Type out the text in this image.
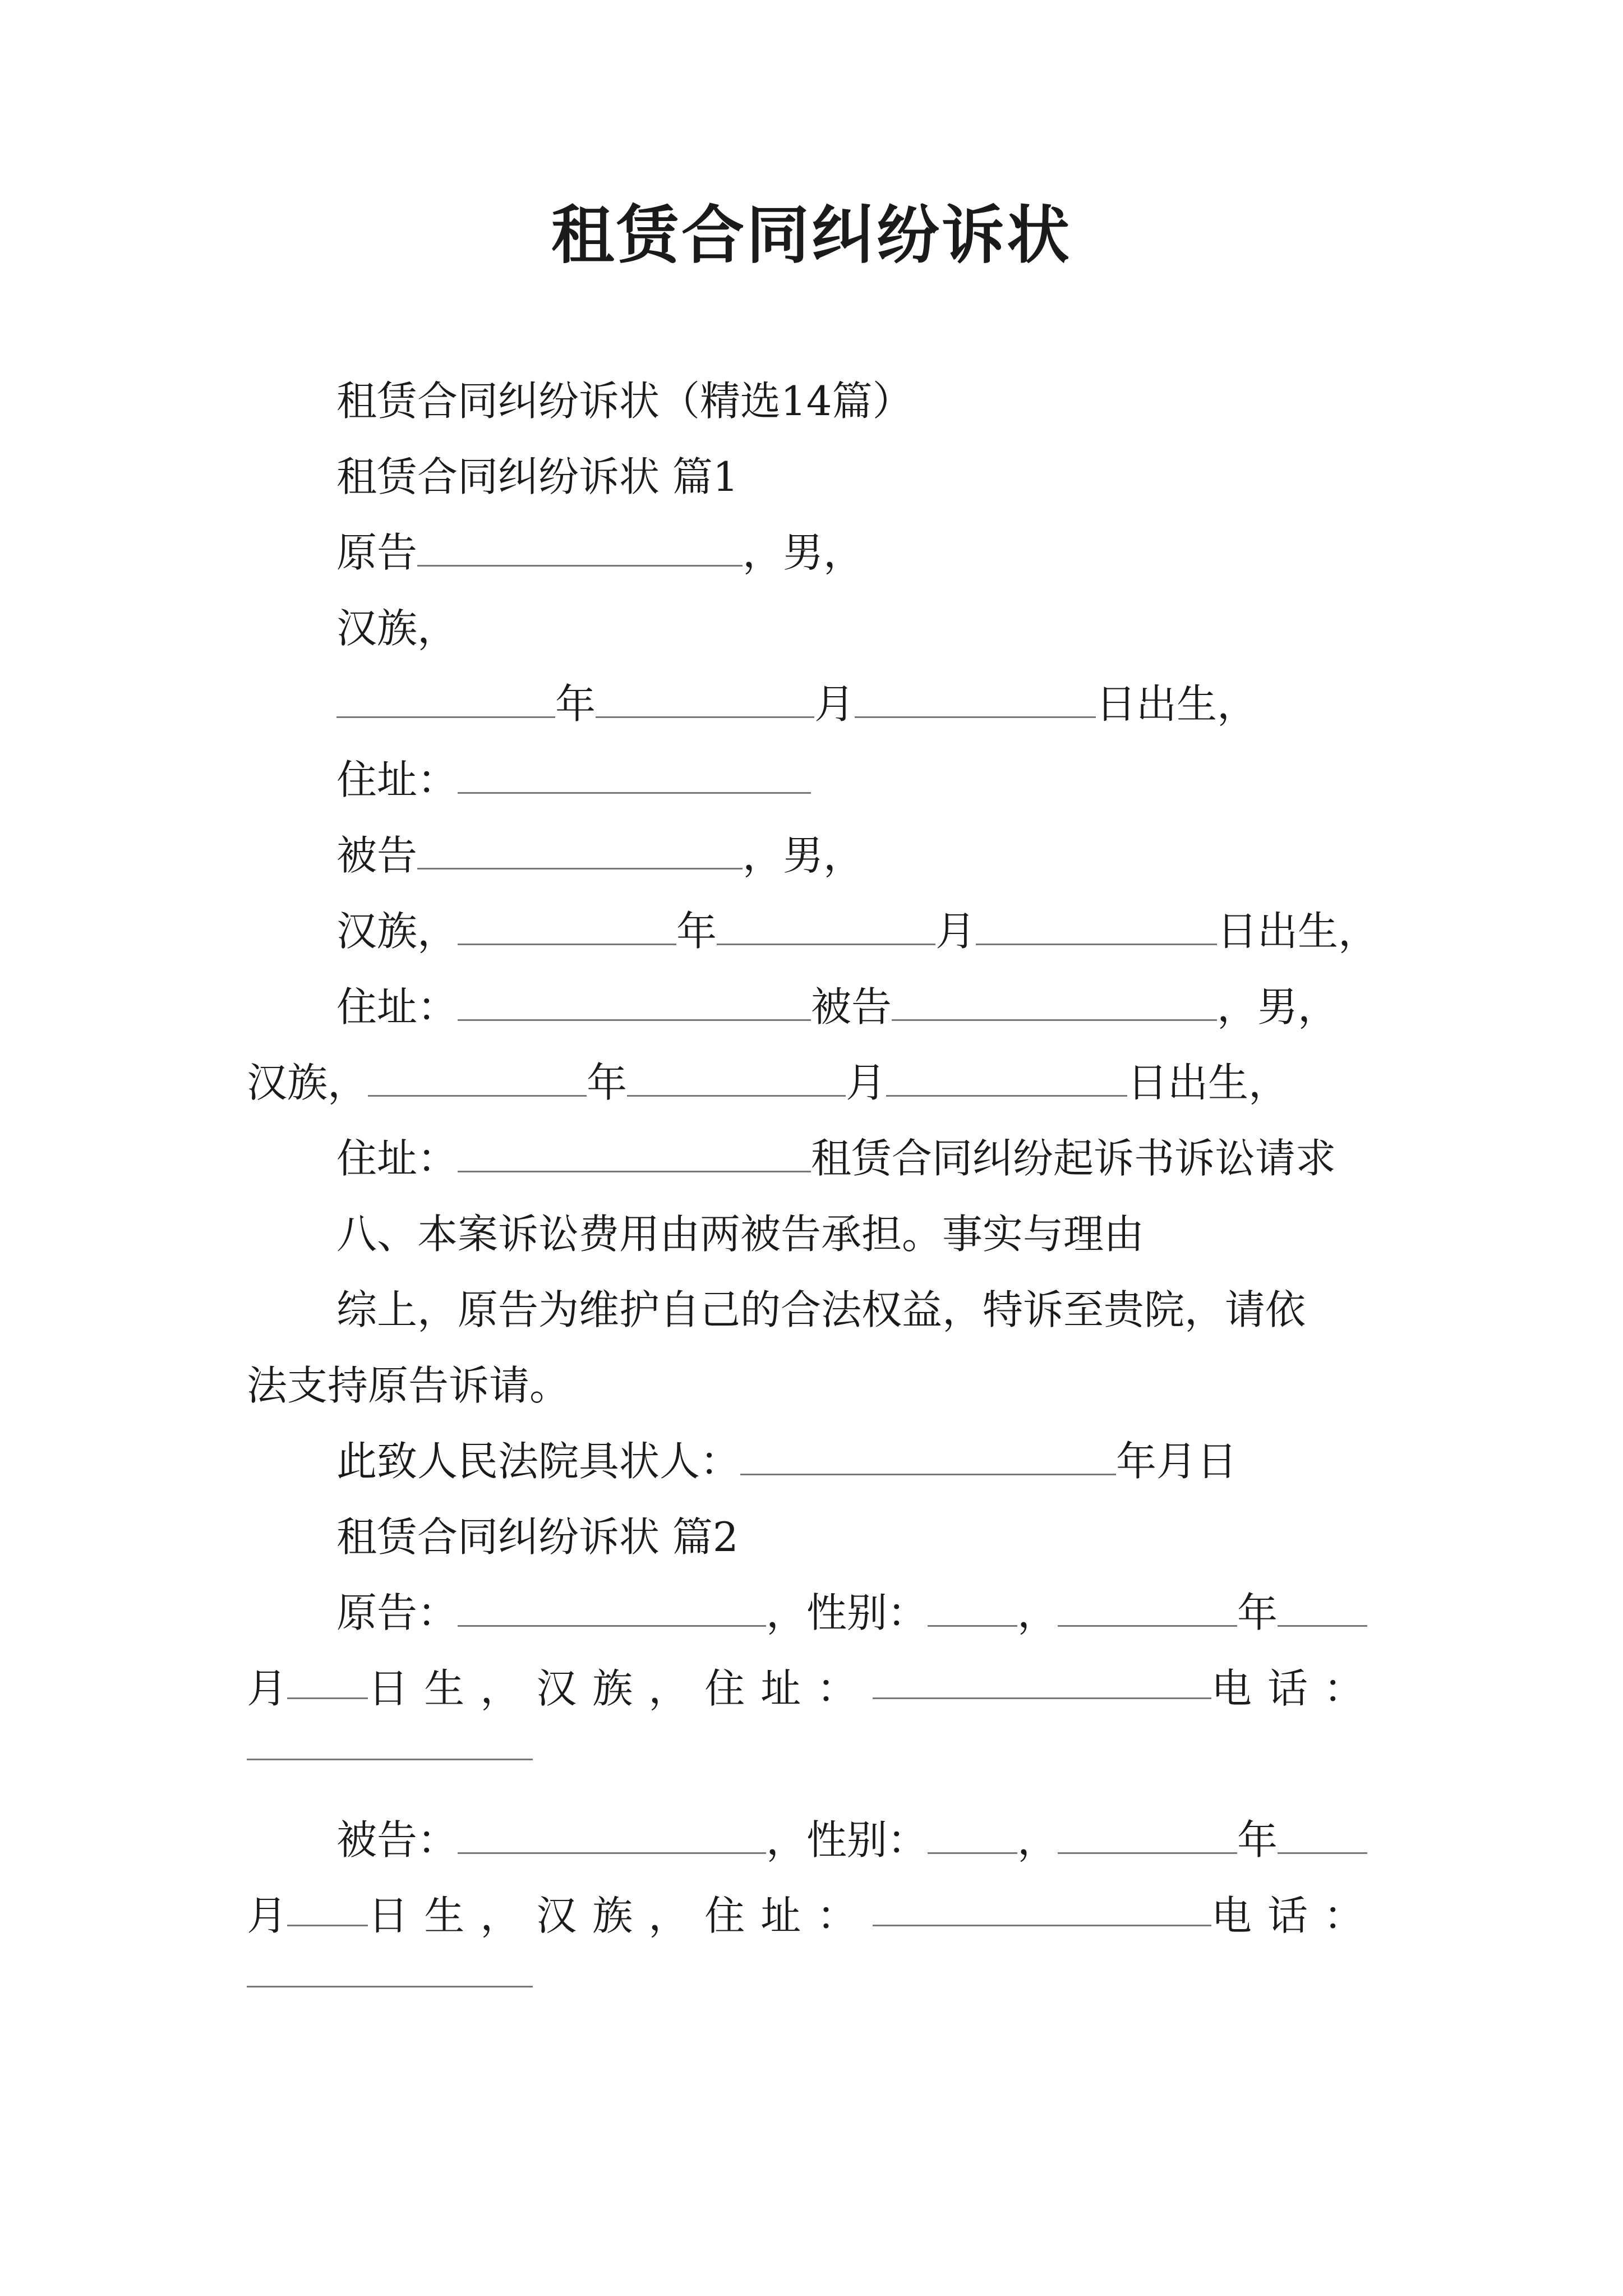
租赁合同纠纷诉状
租赁合同纠纷诉状（精选14篇）
租赁合同纠纷诉状 篇1
原告	，男，
汉族，
年	月	日出生，
住址：
被告	，男，
汉族，	年	月	日出生，
住址：	被告	，男，
汉族，	年	月	日出生，
住址：	租赁合同纠纷起诉书诉讼请求
八、本案诉讼费用由两被告承担。事实与理由
综上，原告为维护自己的合法权益，特诉至贵院，请依
法支持原告诉请。
此致人民法院具状人：	年月日
租赁合同纠纷诉状 篇2
原告：	，性别： ，	年
月 日生，汉族，住址：	电话：
被告：	，性别： ，	年
月 日生，汉族，住址：	电话：
